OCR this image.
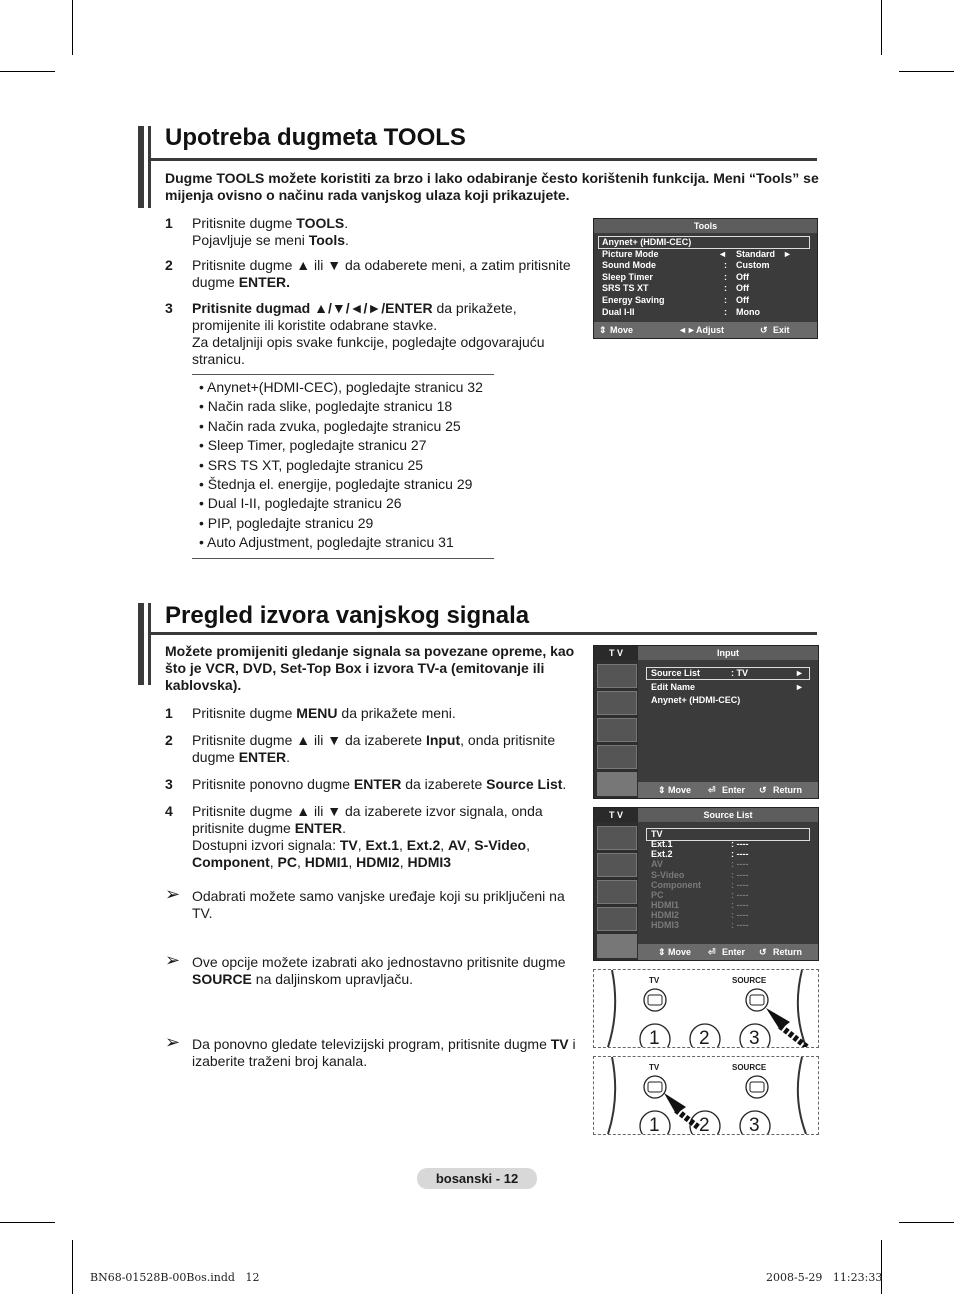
Upotreba dugmeta TOOLS
Dugme TOOLS možete koristiti za brzo i lako odabiranje često korištenih funkcija. Meni “Tools” se mijenja ovisno o načinu rada vanjskog ulaza koji prikazujete.
1 Pritisnite dugme TOOLS.
Pojavljuje se meni Tools.
2 Pritisnite dugme ▲ ili ▼ da odaberete meni, a zatim pritisnite dugme ENTER.
3 Pritisnite dugmad ▲/▼/◄/►/ENTER da prikažete, promijenite ili koristite odabrane stavke.
Za detaljniji opis svake funkcije, pogledajte odgovarajuću stranicu.
• Anynet+(HDMI-CEC), pogledajte stranicu 32
• Način rada slike, pogledajte stranicu 18
• Način rada zvuka, pogledajte stranicu 25
• Sleep Timer, pogledajte stranicu 27
• SRS TS XT, pogledajte stranicu 25
• Štednja el. energije, pogledajte stranicu 29
• Dual I-II, pogledajte stranicu 26
• PIP, pogledajte stranicu 29
• Auto Adjustment, pogledajte stranicu 31
Tools
Anynet+ (HDMI-CEC)
Picture Mode	◄ Standard ►
Sound Mode	: Custom
Sleep Timer	: Off
SRS TS XT	: Off
Energy Saving	: Off
Dual I-II	: Mono
⇕ Move	◄► Adjust	↺ Exit
Pregled izvora vanjskog signala
Možete promijeniti gledanje signala sa povezane opreme, kao što je VCR, DVD, Set-Top Box i izvora TV-a (emitovanje ili kablovska).
1 Pritisnite dugme MENU da prikažete meni.
2 Pritisnite dugme ▲ ili ▼ da izaberete Input, onda pritisnite dugme ENTER.
3 Pritisnite ponovno dugme ENTER da izaberete Source List.
4 Pritisnite dugme ▲ ili ▼ da izaberete izvor signala, onda pritisnite dugme ENTER.
Dostupni izvori signala: TV, Ext.1, Ext.2, AV, S-Video, Component, PC, HDMI1, HDMI2, HDMI3
➢ Odabrati možete samo vanjske uređaje koji su priključeni na TV.
➢ Ove opcije možete izabrati ako jednostavno pritisnite dugme SOURCE na daljinskom upravljaču.
➢ Da ponovno gledate televizijski program, pritisnite dugme TV i izaberite traženi broj kanala.
T V	Input
Source List	: TV	►
Edit Name	►
Anynet+ (HDMI-CEC)
⇕ Move ⏎ Enter ↺ Return
T V	Source List
TV
Ext.1	: ----
Ext.2	: ----
AV	: ----
S-Video	: ----
Component	: ----
PC	: ----
HDMI1	: ----
HDMI2	: ----
HDMI3	: ----
⇕ Move ⏎ Enter ↺ Return
TV	SOURCE
1 2 3
TV	SOURCE
1 2 3
bosanski - 12
BN68-01528B-00Bos.indd   12	2008-5-29   11:23:33
